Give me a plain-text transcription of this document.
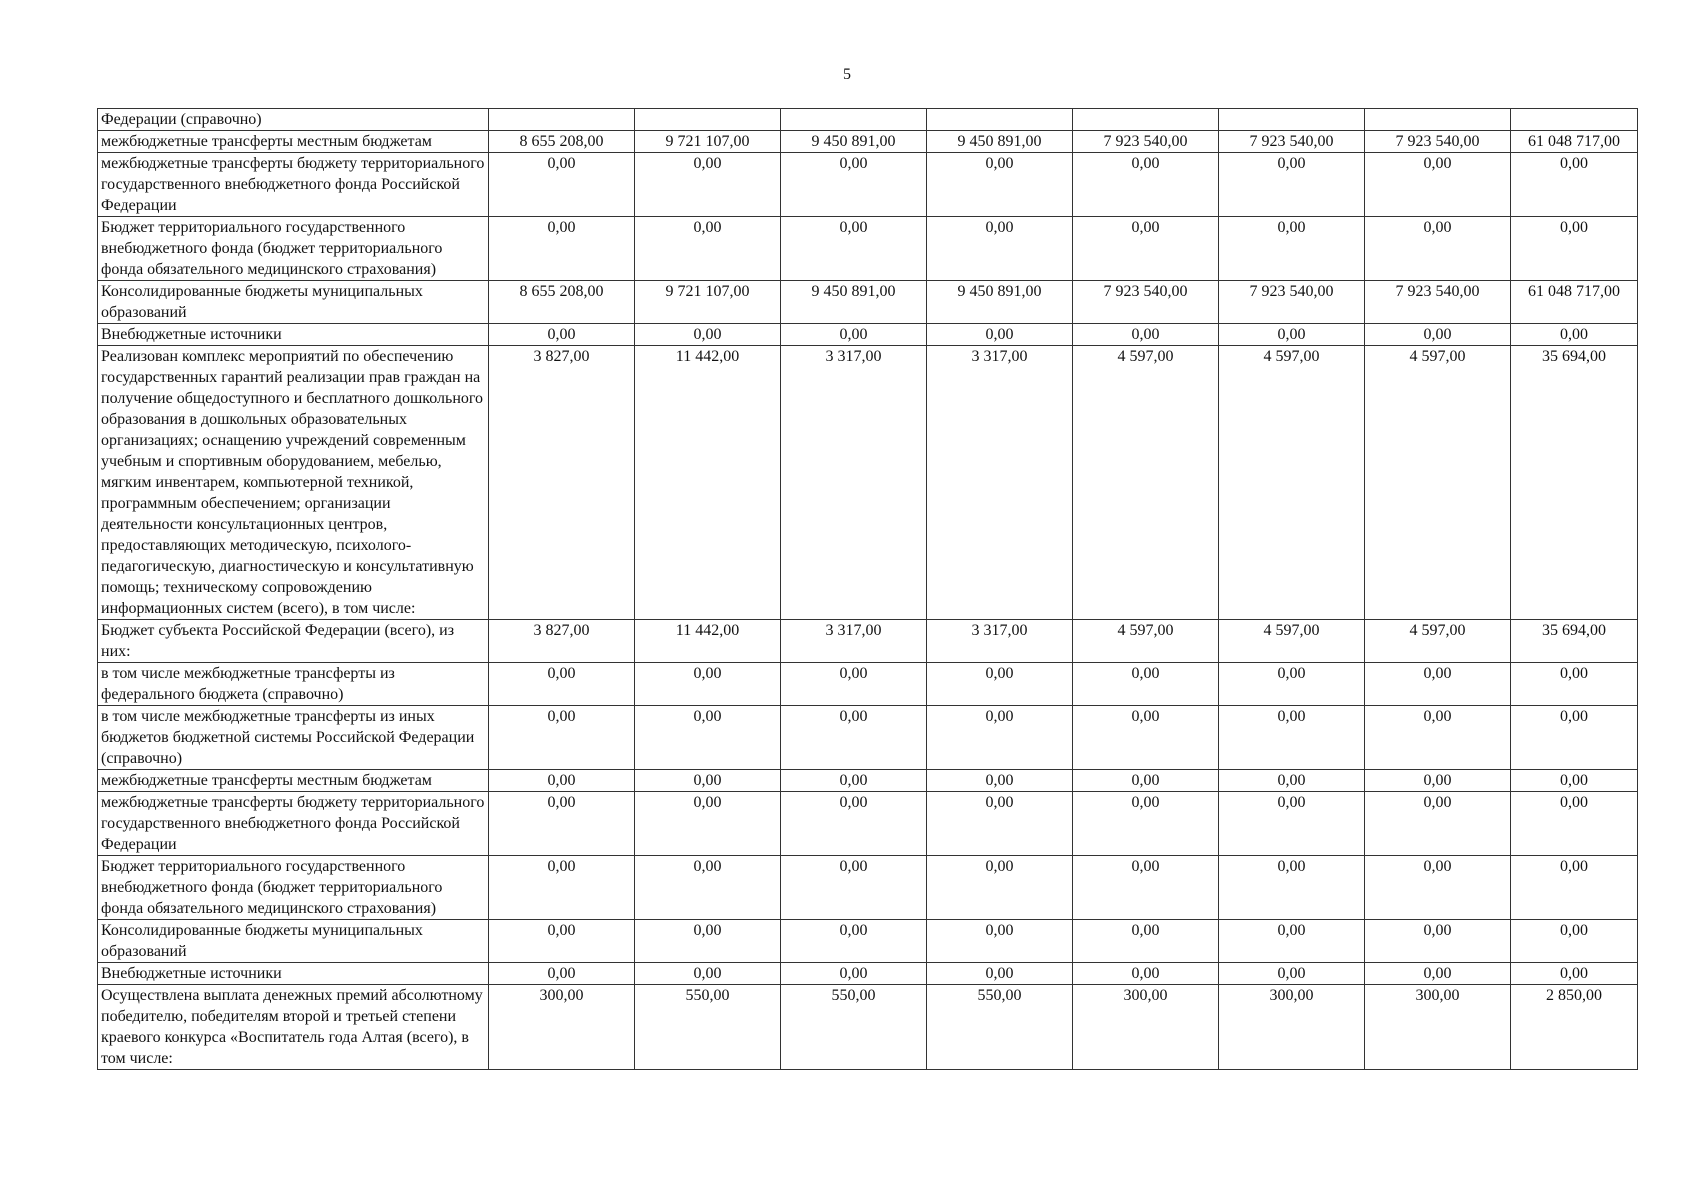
5
Федерации (справочно)								
межбюджетные трансферты местным бюджетам	8 655 208,00	9 721 107,00	9 450 891,00	9 450 891,00	7 923 540,00	7 923 540,00	7 923 540,00	61 048 717,00
межбюджетные трансферты бюджету территориального государственного внебюджетного фонда Российской Федерации	0,00	0,00	0,00	0,00	0,00	0,00	0,00	0,00
Бюджет территориального государственного внебюджетного фонда (бюджет территориального фонда обязательного медицинского страхования)	0,00	0,00	0,00	0,00	0,00	0,00	0,00	0,00
Консолидированные бюджеты муниципальных образований	8 655 208,00	9 721 107,00	9 450 891,00	9 450 891,00	7 923 540,00	7 923 540,00	7 923 540,00	61 048 717,00
Внебюджетные источники	0,00	0,00	0,00	0,00	0,00	0,00	0,00	0,00
Реализован комплекс мероприятий по обеспечению государственных гарантий реализации прав граждан на получение общедоступного и бесплатного дошкольного образования в дошкольных образовательных организациях; оснащению учреждений современным учебным и спортивным оборудованием, мебелью, мягким инвентарем, компьютерной техникой, программным обеспечением; организации деятельности консультационных центров, предоставляющих методическую, психолого-педагогическую, диагностическую и консультативную помощь; техническому сопровождению информационных систем (всего), в том числе:	3 827,00	11 442,00	3 317,00	3 317,00	4 597,00	4 597,00	4 597,00	35 694,00
Бюджет субъекта Российской Федерации (всего), из них:	3 827,00	11 442,00	3 317,00	3 317,00	4 597,00	4 597,00	4 597,00	35 694,00
в том числе межбюджетные трансферты из федерального бюджета (справочно)	0,00	0,00	0,00	0,00	0,00	0,00	0,00	0,00
в том числе межбюджетные трансферты из иных бюджетов бюджетной системы Российской Федерации (справочно)	0,00	0,00	0,00	0,00	0,00	0,00	0,00	0,00
межбюджетные трансферты местным бюджетам	0,00	0,00	0,00	0,00	0,00	0,00	0,00	0,00
межбюджетные трансферты бюджету территориального государственного внебюджетного фонда Российской Федерации	0,00	0,00	0,00	0,00	0,00	0,00	0,00	0,00
Бюджет территориального государственного внебюджетного фонда (бюджет территориального фонда обязательного медицинского страхования)	0,00	0,00	0,00	0,00	0,00	0,00	0,00	0,00
Консолидированные бюджеты муниципальных образований	0,00	0,00	0,00	0,00	0,00	0,00	0,00	0,00
Внебюджетные источники	0,00	0,00	0,00	0,00	0,00	0,00	0,00	0,00
Осуществлена выплата денежных премий абсолютному победителю, победителям второй и третьей степени краевого конкурса «Воспитатель года Алтая (всего), в том числе:	300,00	550,00	550,00	550,00	300,00	300,00	300,00	2 850,00
